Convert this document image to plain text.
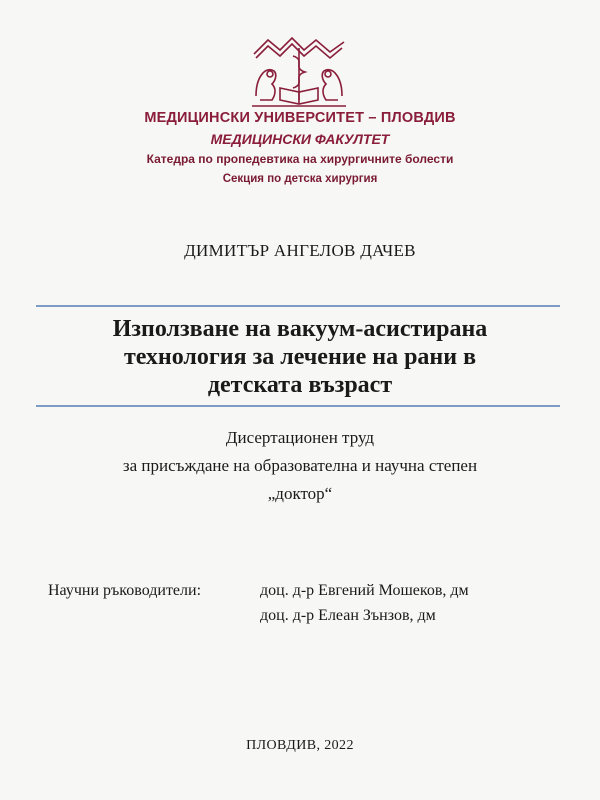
МЕДИЦИНСКИ УНИВЕРСИТЕТ – ПЛОВДИВ
МЕДИЦИНСКИ ФАКУЛТЕТ
Катедра по пропедевтика на хирургичните болести
Секция по детска хирургия
ДИМИТЪР АНГЕЛОВ ДАЧЕВ
Използване на вакуум-асистирана
технология за лечение на рани в
детската възраст
Дисертационен труд
за присъждане на образователна и научна степен
„доктор“
Научни ръководители:	доц. д-р Евгений Мошеков, дм
доц. д-р Елеан Зънзов, дм
ПЛОВДИВ, 2022
